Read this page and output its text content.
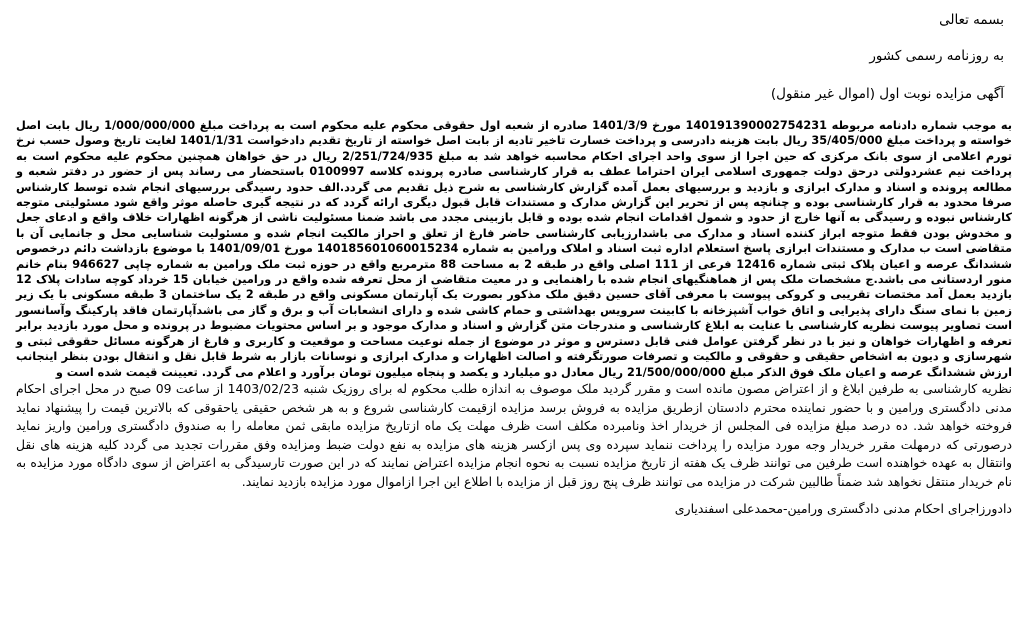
بسمه تعالی
به روزنامه رسمی کشور
آگهی مزایده نوبت اول (اموال غیر منقول)
به موجب شماره دادنامه مربوطه 140191390002754231 مورخ 1401/3/9 صادره از شعبه اول حقوقی محکوم علیه محکوم است به پرداخت مبلغ 1/000/000/000 ریال بابت اصل خواسته و پرداخت مبلغ 35/405/000 ریال بابت هزینه دادرسی و پرداخت خسارت تاخیر تادیه از بابت اصل خواسته از تاریخ تقدیم دادخواست 1401/1/31 لغایت تاریخ وصول حسب نرخ تورم اعلامی از سوی بانک مرکزی که حین اجرا از سوی واحد اجرای احکام محاسبه خواهد شد به مبلغ 2/251/724/935 ریال در حق خواهان همچنین محکوم علیه محکوم است به پرداخت نیم عشردولتی درحق دولت جمهوری اسلامی ایران احتراما عطف به قرار کارشناسی صادره پرونده کلاسه 0100997 باستحضار می رساند پس از حضور در دفتر شعبه و مطالعه پرونده و اسناد و مدارک ابرازی و بازدید و بررسیهای بعمل آمده گزارش کارشناسی به شرح ذیل تقدیم می گردد.الف حدود رسیدگی بررسیهای انجام شده توسط کارشناس صرفا محدود به قرار کارشناسی بوده و چنانچه پس از تحریر این گزارش مدارک و مستندات قابل قبول دیگری ارائه گردد که در نتیجه گیری حاصله موثر واقع شود مسئولیتی متوجه کارشناس نبوده و رسیدگی به آنها خارج از حدود و شمول اقدامات انجام شده بوده و قابل بازبینی مجدد می باشد ضمنا مسئولیت ناشی از هرگونه اظهارات خلاف واقع و ادعای جعل و مخدوش بودن فقط متوجه ابراز کننده اسناد و مدارک می باشدارزیابی کارشناسی حاضر فارغ از تعلق و احراز مالکیت انجام شده و مسئولیت شناسایی محل و جانمایی آن با متقاضی است ب مدارک و مستندات ابرازی پاسخ استعلام اداره ثبت اسناد و املاک ورامین به شماره 140185601060015234 مورخ 1401/09/01 با موضوع بازداشت دائم درخصوص ششدانگ عرصه و اعیان پلاک ثبتی شماره 12416 فرعی از 111 اصلی واقع در طبقه 2 به مساحت 88 مترمربع واقع در حوزه ثبت ملک ورامین به شماره چاپی 946627 بنام خانم منور اردستانی می باشد.ج مشخصات ملک پس از هماهنگیهای انجام شده با راهنمایی و در معیت متقاضی از محل تعرفه شده واقع در ورامین خیابان 15 خرداد کوچه سادات پلاک 12 بازدید بعمل آمد مختصات تقریبی و کروکی پیوست با معرفی آقای حسین دقیق ملک مذکور بصورت یک آپارتمان مسکونی واقع در طبقه 2 یک ساختمان 3 طبقه مسکونی با یک زیر زمین با نمای سنگ دارای پذیرایی و اتاق خواب آشپزخانه با کابینت سرویس بهداشتی و حمام کاشی شده و دارای انشعابات آب و برق و گاز می باشدآپارتمان فاقد پارکینگ وآسانسور است تصاویر پیوست نظریه کارشناسی با عنایت به ابلاغ کارشناسی و مندرجات متن گزارش و اسناد و مدارک موجود و بر اساس محتویات مضبوط در پرونده و محل مورد بازدید برابر تعرفه و اظهارات خواهان و نیز با در نظر گرفتن عوامل فنی قابل دسترس و موثر در موضوع از جمله نوعیت مساحت و موقعیت و کاربری و فارغ از هرگونه مسائل حقوقی ثبتی و شهرسازی و دیون به اشخاص حقیقی و حقوقی و مالکیت و تصرفات صورتگرفته و اصالت اظهارات و مدارک ابرازی و نوسانات بازار به شرط قابل نقل و انتقال بودن بنظر اینجانب ارزش ششدانگ عرصه و اعیان ملک فوق الذکر مبلغ 21/500/000/000 ریال معادل دو میلیارد و یکصد و پنجاه میلیون تومان برآورد و اعلام می گردد. تعیینت قیمت شده است و
نظریه کارشناسی به طرفین ابلاغ و از اعتراض مصون مانده است و مقرر گردید ملک موصوف به اندازه طلب محکوم له برای روزیک شنبه 1403/02/23 از ساعت 09 صبح در محل اجرای احکام مدنی دادگستری ورامین و با حضور نماینده محترم دادستان ازطریق مزایده به فروش برسد مزایده ازقیمت کارشناسی شروع و به هر شخص حقیقی یاحقوقی که بالاترین قیمت را پیشنهاد نماید فروخته خواهد شد. ده درصد مبلغ مزایده فی المجلس از خریدار اخذ ونامبرده مکلف است ظرف مهلت یک ماه ازتاریخ مزایده مابقی ثمن معامله را به صندوق دادگستری ورامین واریز نماید درصورتی که درمهلت مقرر خریدار وجه مورد مزایده را پرداخت ننماید سپرده وی پس ازکسر هزینه های مزایده به نفع دولت ضبط ومزایده وفق مقررات تجدید می گردد کلیه هزینه های نقل وانتقال به عهده خواهنده است طرفین می توانند ظرف یک هفته از تاریخ مزایده نسبت به نحوه انجام مزایده اعتراض نمایند که در این صورت تارسیدگی به اعتراض از سوی دادگاه مورد مزایده به نام خریدار منتقل نخواهد شد ضمناً طالبین شرکت در مزایده می توانند ظرف پنج روز قبل از مزایده با اطلاع این اجرا ازاموال مورد مزایده بازدید نمایند.
دادورزاجرای احکام مدنی دادگستری ورامین-محمدعلی اسفندیاری
